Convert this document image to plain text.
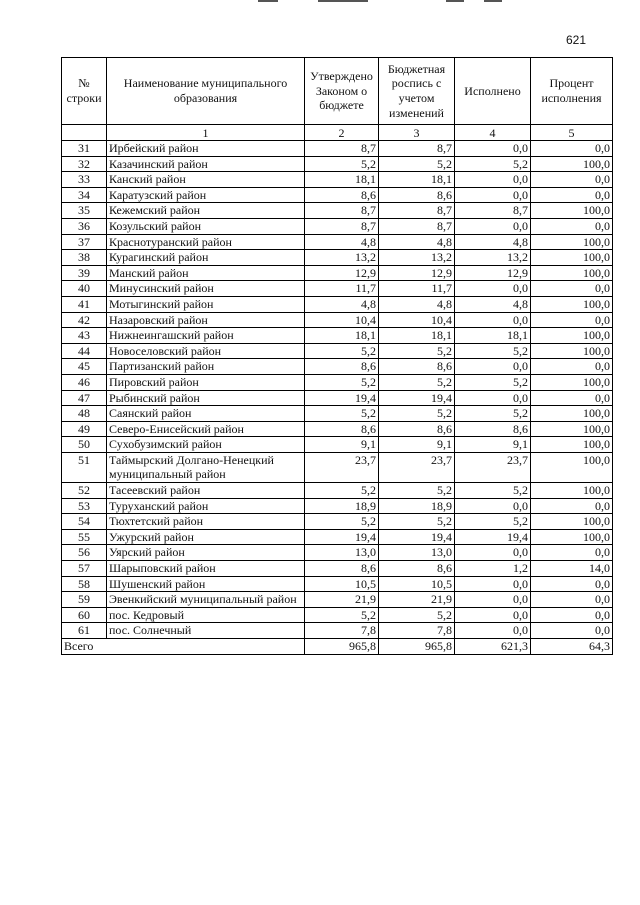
621
№ строки	Наименование муниципального образования	Утверждено Законом о бюджете	Бюджетная роспись с учетом изменений	Исполнено	Процент исполнения
	1	2	3	4	5
31	Ирбейский район	8,7	8,7	0,0	0,0
32	Казачинский район	5,2	5,2	5,2	100,0
33	Канский район	18,1	18,1	0,0	0,0
34	Каратузский район	8,6	8,6	0,0	0,0
35	Кежемский район	8,7	8,7	8,7	100,0
36	Козульский район	8,7	8,7	0,0	0,0
37	Краснотуранский район	4,8	4,8	4,8	100,0
38	Курагинский район	13,2	13,2	13,2	100,0
39	Манский район	12,9	12,9	12,9	100,0
40	Минусинский район	11,7	11,7	0,0	0,0
41	Мотыгинский район	4,8	4,8	4,8	100,0
42	Назаровский район	10,4	10,4	0,0	0,0
43	Нижнеингашский район	18,1	18,1	18,1	100,0
44	Новоселовский район	5,2	5,2	5,2	100,0
45	Партизанский район	8,6	8,6	0,0	0,0
46	Пировский район	5,2	5,2	5,2	100,0
47	Рыбинский район	19,4	19,4	0,0	0,0
48	Саянский район	5,2	5,2	5,2	100,0
49	Северо-Енисейский район	8,6	8,6	8,6	100,0
50	Сухобузимский район	9,1	9,1	9,1	100,0
51	Таймырский Долгано-Ненецкий муниципальный район	23,7	23,7	23,7	100,0
52	Тасеевский район	5,2	5,2	5,2	100,0
53	Туруханский район	18,9	18,9	0,0	0,0
54	Тюхтетский район	5,2	5,2	5,2	100,0
55	Ужурский район	19,4	19,4	19,4	100,0
56	Уярский район	13,0	13,0	0,0	0,0
57	Шарыповский район	8,6	8,6	1,2	14,0
58	Шушенский район	10,5	10,5	0,0	0,0
59	Эвенкийский муниципальный район	21,9	21,9	0,0	0,0
60	пос. Кедровый	5,2	5,2	0,0	0,0
61	пос. Солнечный	7,8	7,8	0,0	0,0
Всего		965,8	965,8	621,3	64,3
